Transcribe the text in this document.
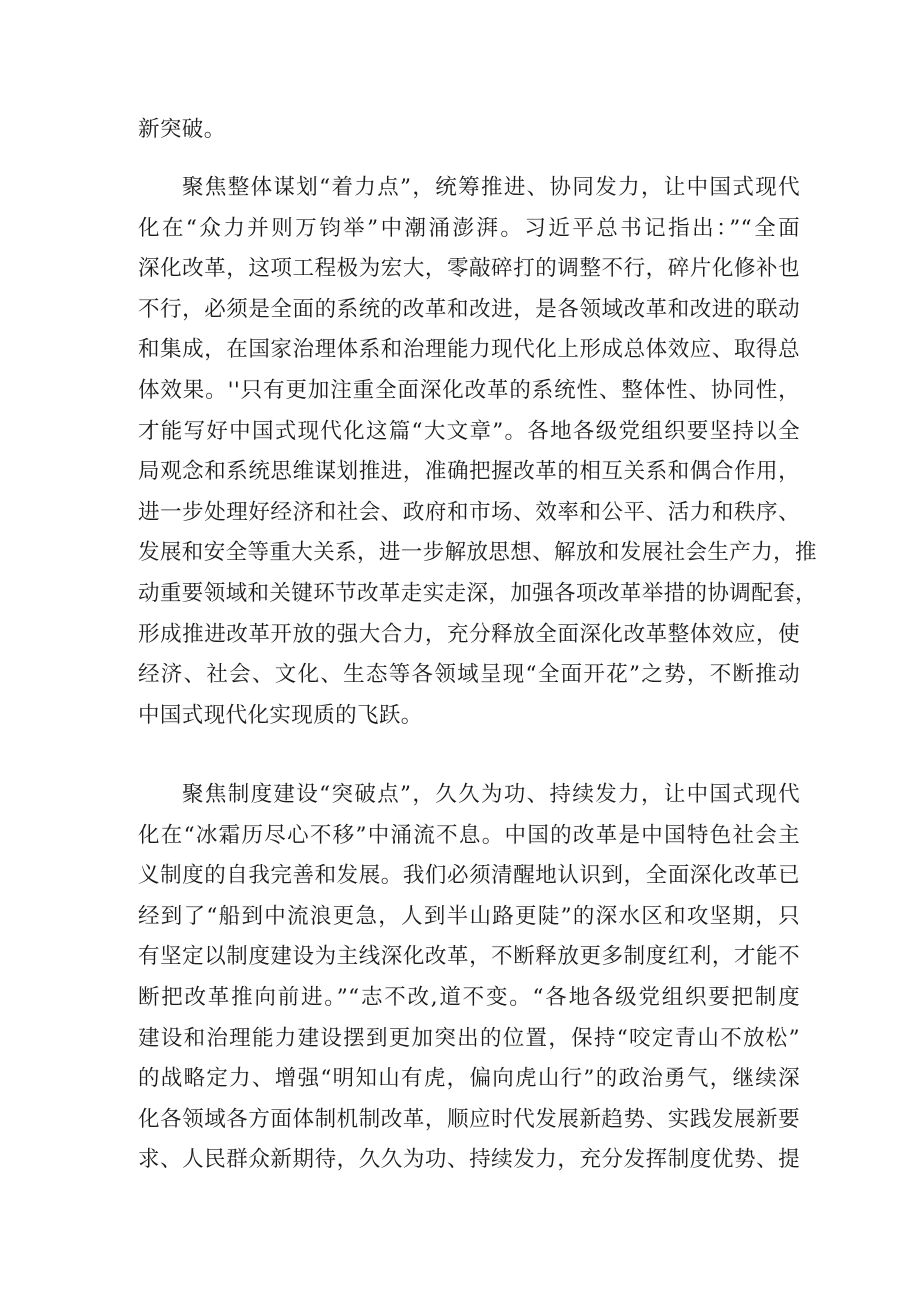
新突破。
聚焦整体谋划“着力点”，统筹推进、协同发力，让中国式现代
化在“众力并则万钧举”中潮涌澎湃。习近平总书记指出：”“全面
深化改革，这项工程极为宏大，零敲碎打的调整不行，碎片化修补也
不行，必须是全面的系统的改革和改进，是各领域改革和改进的联动
和集成，在国家治理体系和治理能力现代化上形成总体效应、取得总
体效果。''只有更加注重全面深化改革的系统性、整体性、协同性，
才能写好中国式现代化这篇“大文章”。各地各级党组织要坚持以全
局观念和系统思维谋划推进，准确把握改革的相互关系和偶合作用，
进一步处理好经济和社会、政府和市场、效率和公平、活力和秩序、
发展和安全等重大关系，进一步解放思想、解放和发展社会生产力，推
动重要领域和关键环节改革走实走深，加强各项改革举措的协调配套，
形成推进改革开放的强大合力，充分释放全面深化改革整体效应，使
经济、社会、文化、生态等各领域呈现“全面开花”之势，不断推动
中国式现代化实现质的飞跃。
聚焦制度建设“突破点”，久久为功、持续发力，让中国式现代
化在“冰霜历尽心不移”中涌流不息。中国的改革是中国特色社会主
义制度的自我完善和发展。我们必须清醒地认识到，全面深化改革已
经到了“船到中流浪更急，人到半山路更陡”的深水区和攻坚期，只
有坚定以制度建设为主线深化改革，不断释放更多制度红利，才能不
断把改革推向前进。”“志不改,道不变。“各地各级党组织要把制度
建设和治理能力建设摆到更加突出的位置，保持“咬定青山不放松”
的战略定力、增强“明知山有虎，偏向虎山行”的政治勇气，继续深
化各领域各方面体制机制改革，顺应时代发展新趋势、实践发展新要
求、人民群众新期待，久久为功、持续发力，充分发挥制度优势、提
